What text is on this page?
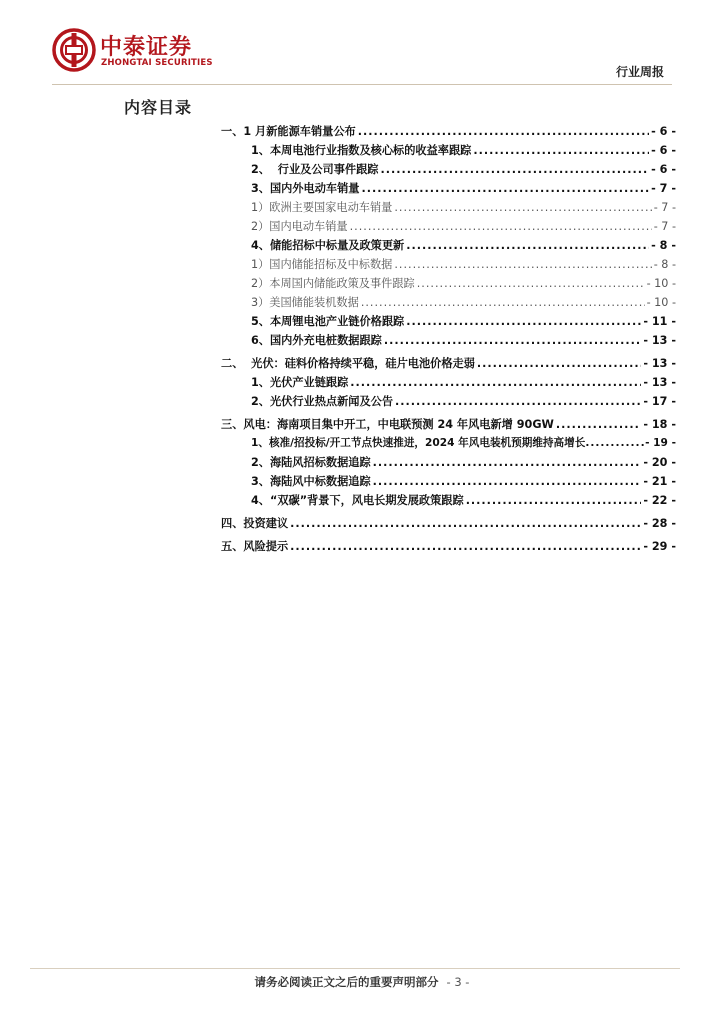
中泰证券
ZHONGTAI SECURITIES
行业周报
内容目录
一、1 月新能源车销量公布 .....	- 6 -
1、本周电池行业指数及核心标的收益率跟踪 .....	- 6 -
2、  行业及公司事件跟踪 .....	- 6 -
3、国内外电动车销量 .....	- 7 -
1）欧洲主要国家电动车销量 .....	- 7 -
2）国内电动车销量 .....	- 7 -
4、储能招标中标量及政策更新 .....	- 8 -
1）国内储能招标及中标数据 .....	- 8 -
2）本周国内储能政策及事件跟踪 .....	- 10 -
3）美国储能装机数据 .....	- 10 -
5、本周锂电池产业链价格跟踪 .....	- 11 -
6、国内外充电桩数据跟踪 .....	- 13 -
二、  光伏：硅料价格持续平稳，硅片电池价格走弱 .....	- 13 -
1、光伏产业链跟踪 .....	- 13 -
2、光伏行业热点新闻及公告 .....	- 17 -
三、风电：海南项目集中开工，中电联预测 24 年风电新增 90GW .....	- 18 -
1、核准/招投标/开工节点快速推进，2024 年风电装机预期维持高增长 .....	- 19 -
2、海陆风招标数据追踪 .....	- 20 -
3、海陆风中标数据追踪 .....	- 21 -
4、“双碳”背景下，风电长期发展政策跟踪 .....	- 22 -
四、投资建议 .....	- 28 -
五、风险提示 .....	- 29 -
请务必阅读正文之后的重要声明部分 - 3 -
